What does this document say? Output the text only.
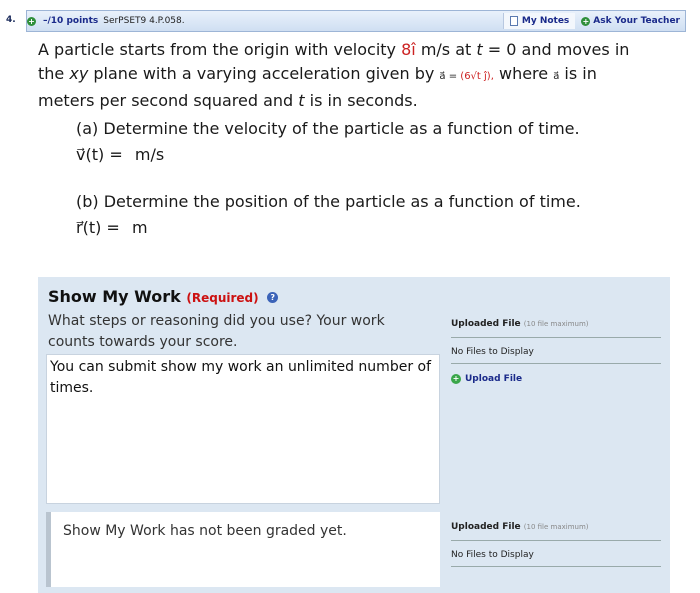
4. + –/10 points SerPSET9 4.P.058.	My Notes + Ask Your Teacher
A particle starts from the origin with velocity 8î m/s at t = 0 and moves in
the xy plane with a varying acceleration given by a⃗ = (6√t ĵ), where a⃗ is in
meters per second squared and t is in seconds.
(a) Determine the velocity of the particle as a function of time.
v⃗(t) = m/s
(b) Determine the position of the particle as a function of time.
r⃗(t) = m
Show My Work (Required) ?
What steps or reasoning did you use? Your work counts towards your score.
You can submit show my work an unlimited number of times.
Uploaded File (10 file maximum)
No Files to Display
+ Upload File
Show My Work has not been graded yet.	Uploaded File (10 file maximum)
No Files to Display
